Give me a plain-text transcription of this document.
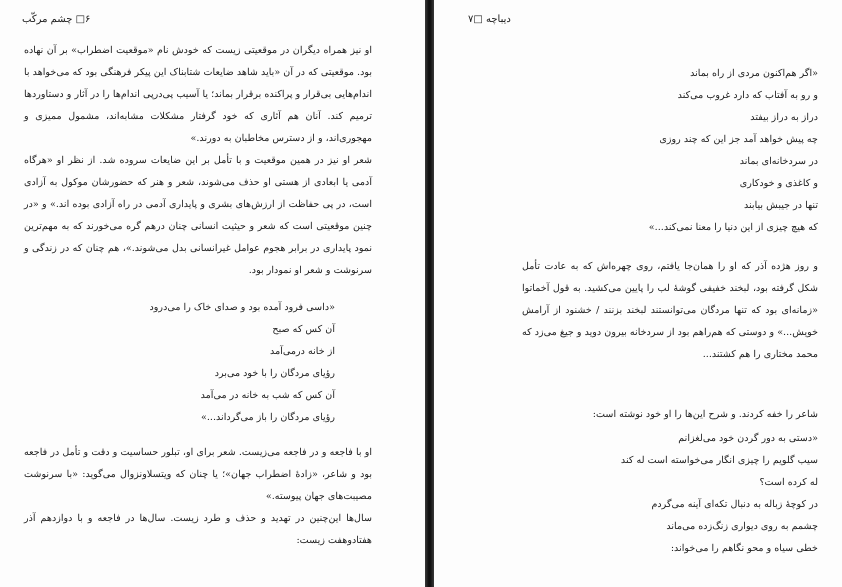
۶□ چشم مرکّب

او نیز همراه دیگران در موقعیتی زیست که خودش نام «موقعیت اضطراب» بر آن نهاده بود. موقعیتی که در آن «باید شاهد ضایعات شتابناک این پیکر فرهنگی بود که می‌خواهد با اندام‌هایی بی‌قرار و پراکنده برقرار بماند؛ یا آسیب پی‌درپی اندام‌ها را در آثار و دستاوردها ترمیم کند. آنان هم آثاری که خود گرفتار مشکلات مشابه‌اند، مشمول ممیزی و مهجوری‌اند، و از دسترس مخاطبان به دورند.»

شعر او نیز در همین موقعیت و با تأمل بر این ضایعات سروده شد. از نظر او «هرگاه آدمی یا ابعادی از هستی او حذف می‌شوند، شعر و هنر که حضورشان موکول به آزادی است، در پی حفاظت از ارزش‌های بشری و پایداری آدمی در راه آزادی بوده اند.» و «در چنین موقعیتی است که شعر و حیثیت انسانی چنان درهم گره می‌خورند که به مهم‌ترین نمود پایداری در برابر هجوم عوامل غیرانسانی بدل می‌شوند.»، هم چنان که در زندگی و سرنوشت و شعر او نمودار بود.

«داسی فرود آمده بود و صدای خاک را می‌درود
آن کس که صبح
از خانه درمی‌آمد
رؤیای مردگان را با خود می‌برد
آن کس که شب به خانه در می‌آمد
رؤیای مردگان را باز می‌گرداند...»

او با فاجعه و در فاجعه می‌زیست. شعر برای او، تبلور حساسیت و دقت و تأمل در فاجعه بود و شاعر، «زادهٔ اضطراب جهان»؛ یا چنان که ویتسلاونزوال می‌گوید: «با سرنوشت مصیبت‌های جهان پیوسته.»

سال‌ها این‌چنین در تهدید و حذف و طرد زیست. سال‌ها در فاجعه و با دوازدهم آذر هفتادوهفت زیست:

دیباچه □۷
«اگر هم‌اکنون مردی از راه بماند
و رو به آفتاب که دارد غروب می‌کند
دراز به دراز بیفتد
چه پیش خواهد آمد جز این که چند روزی
در سردخانه‌ای بماند
و کاغذی و خودکاری
تنها در جیبش بیابند
که هیچ چیزی از این دنیا را معنا نمی‌کند...»

و روز هژده آذر که او را همان‌جا یافتم، روی چهره‌اش که به عادت تأمل شکل گرفته بود، لبخند خفیفی گوشهٔ لب را پایین می‌کشید. به قول آخماتوا «زمانه‌ای بود که تنها مردگان می‌توانستند لبخند بزنند / خشنود از آرامش خویش...» و دوستی که هم‌راهم بود از سردخانه بیرون دوید و جیغ می‌زد که محمد مختاری را هم کشتند...

شاعر را خفه کردند. و شرح این‌ها را او خود نوشته است:

«دستی به دور گردن خود می‌لغزانم
سیب گلویم را چیزی انگار می‌خواسته است له کند
له کرده است؟
در کوچهٔ زباله به دنبال تکه‌ای آینه می‌گردم
چشمم به روی دیواری زنگ‌زده می‌ماند
خطی سیاه و محو نگاهم را می‌خواند:
